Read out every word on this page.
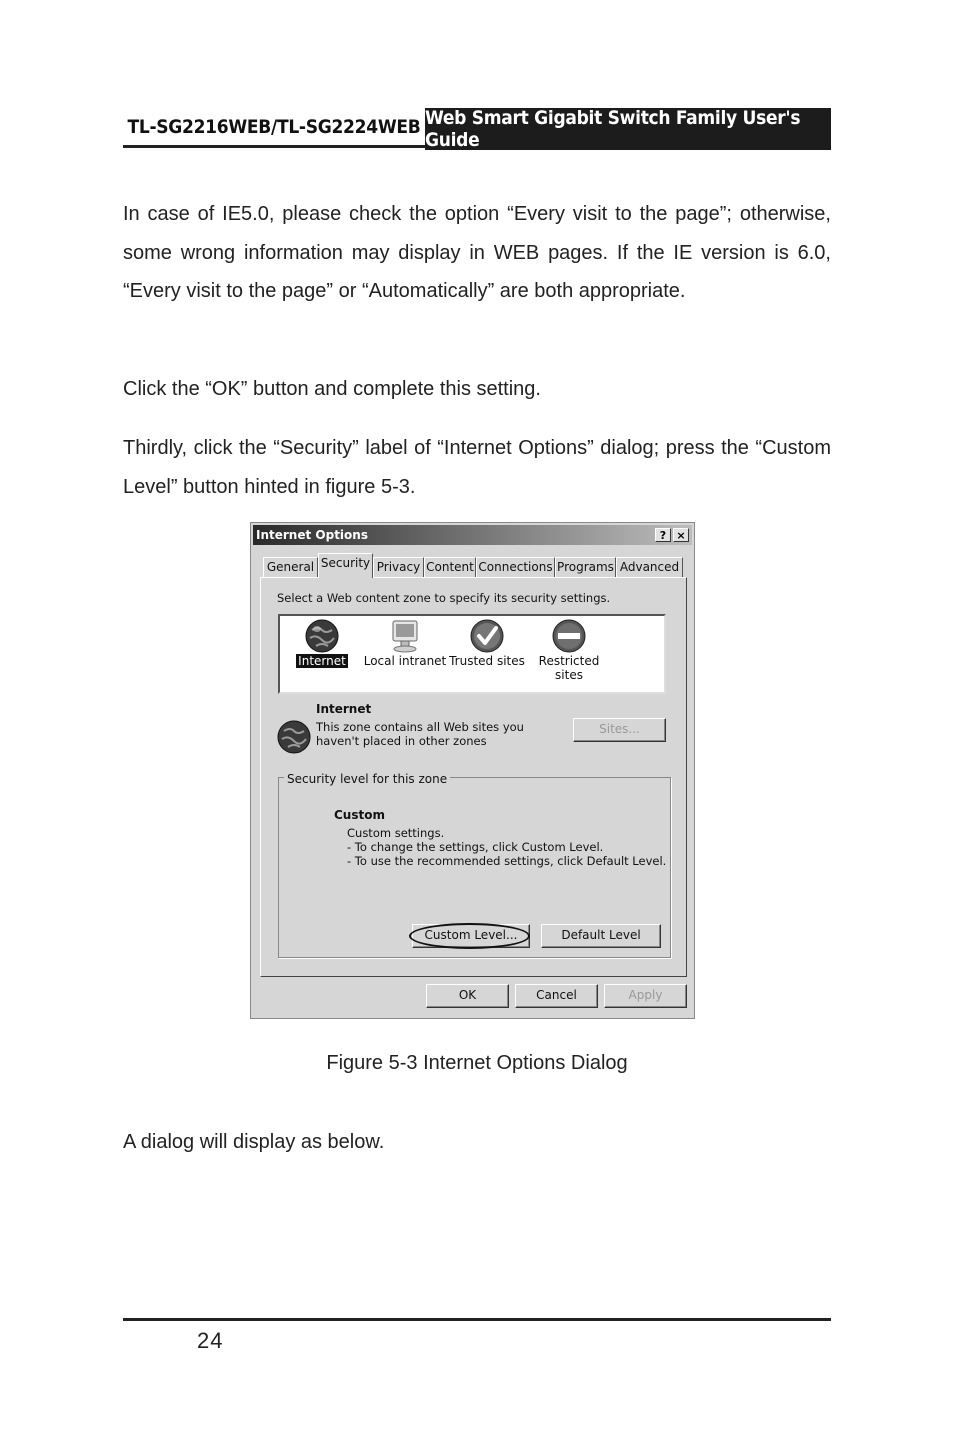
TL-SG2216WEB/TL-SG2224WEB Web Smart Gigabit Switch Family User's Guide

In case of IE5.0, please check the option “Every visit to the page”; otherwise, some wrong information may display in WEB pages. If the IE version is 6.0, “Every visit to the page” or “Automatically” are both appropriate.

Click the “OK” button and complete this setting.

Thirdly, click the “Security” label of “Internet Options” dialog; press the “Custom Level” button hinted in figure 5-3.

Internet Options	? ×
General Security Privacy Content Connections Programs Advanced
Select a Web content zone to specify its security settings.
Internet	Local intranet Trusted sites	Restricted
sites
Internet
This zone contains all Web sites you
haven't placed in other zones
Sites...
Security level for this zone
Custom
Custom settings.
- To change the settings, click Custom Level.
- To use the recommended settings, click Default Level.
Custom Level...	Default Level
OK	Cancel	Apply
Figure 5-3 Internet Options Dialog

A dialog will display as below.

24
